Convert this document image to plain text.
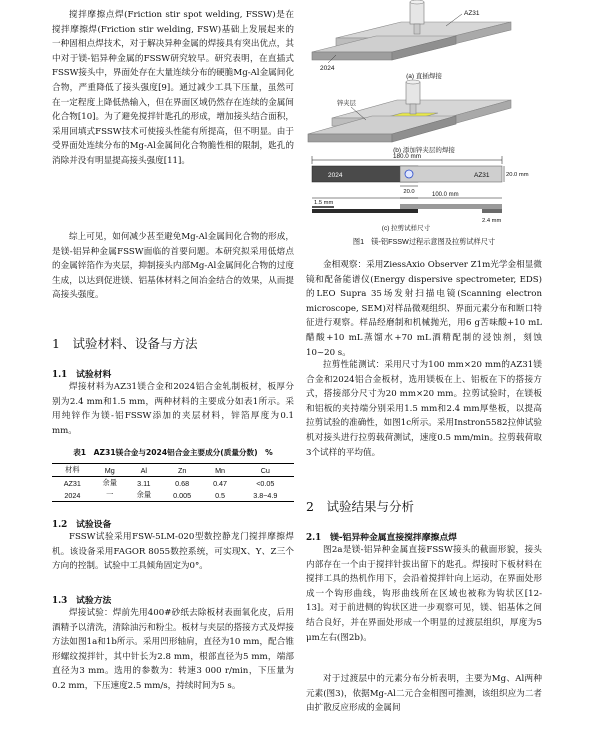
搅拌摩擦点焊(Friction stir spot welding, FSSW)是在搅拌摩擦焊(Friction stir welding, FSW)基础上发展起来的一种固相点焊技术，对于解决异种金属的焊接具有突出优点，其中对于镁-铝异种金属的FSSW研究较早。研究表明，在直插式FSSW接头中，界面处存在大量连续分布的硬脆Mg-Al金属间化合物，严重降低了接头强度[9]。通过减少工具下压量，虽然可在一定程度上降低热输入，但在界面区域仍然存在连续的金属间化合物[10]。为了避免搅拌针匙孔的形成，增加接头结合面积，采用回填式FSSW技术可使接头性能有所提高，但不明显。由于受界面处连续分布的Mg-Al金属间化合物脆性相的限制，匙孔的消除并没有明显提高接头强度[11]。

综上可见，如何减少甚至避免Mg-Al金属间化合物的形成，是镁-铝异种金属FSSW面临的首要问题。本研究拟采用低熔点的金属锌箔作为夹层，抑制接头内部Mg-Al金属间化合物的过度生成，以达到促进镁、铝基体材料之间冶金结合的效果，从而提高接头强度。

1　试验材料、设备与方法
1.1　试验材料

焊接材料为AZ31镁合金和2024铝合金轧制板材，板厚分别为2.4 mm和1.5 mm，两种材料的主要成分如表1所示。采用纯锌作为镁-铝FSSW添加的夹层材料，锌箔厚度为0.1 mm。

表1　AZ31镁合金与2024铝合金主要成分(质量分数)　%
材料	Mg	Al	Zn	Mn	Cu
AZ31	余量	3.11	0.68	0.47	<0.05
2024	一	余量	0.005	0.5	3.8~4.9
1.2　试验设备

FSSW试验采用FSW-5LM-020型数控静龙门搅拌摩擦焊机。该设备采用FAGOR 8055数控系统，可实现X、Y、Z三个方向的控制。试验中工具倾角固定为0°。

1.3　试验方法

焊接试验：焊前先用400#砂纸去除板材表面氧化皮，后用酒精予以清洗，清除油污和粉尘。板材与夹层的搭接方式及焊接方法如图1a和1b所示。采用凹形轴肩，直径为10 mm，配合锥形螺纹搅拌针，其中针长为2.8 mm，根部直径为5 mm，端部直径为3 mm。选用的参数为：转速3 000 r/min，下压量为0.2 mm，下压速度2.5 mm/s，持续时间为5 s。

AZ31
2024
(a) 直插焊接
锌夹层
(b) 添加锌夹层的焊接
180.0 mm
2024	AZ31
20.0
20.0 mm
100.0 mm
1.5 mm
2.4 mm
(c) 拉剪试样尺寸
图1　镁-铝FSSW过程示意图及拉剪试样尺寸

金相观察：采用ZiessAxio Observer Z1m光学金相显微镜和配备能谱仪(Energy dispersive spectrometer, EDS)的LEO Supra 35场发射扫描电镜(Scanning electron microscope, SEM)对样品微观组织、界面元素分布和断口特征进行观察。样品经磨制和机械抛光，用6 g苦味酸+10 mL醋酸+10 mL蒸馏水+70 mL酒精配制的浸蚀剂，刻蚀10~20 s。

拉剪性能测试：采用尺寸为100 mm×20 mm的AZ31镁合金和2024铝合金板材，选用镁板在上、铝板在下的搭接方式，搭接部分尺寸为20 mm×20 mm。拉剪试验时，在镁板和铝板的夹持端分别采用1.5 mm和2.4 mm厚垫板，以提高拉剪试验的准确性，如图1c所示。采用Instron5582拉伸试验机对接头进行拉剪载荷测试，速度0.5 mm/min。拉剪载荷取3个试样的平均值。

2　试验结果与分析
2.1　镁-铝异种金属直接搅拌摩擦点焊

图2a是镁-铝异种金属直接FSSW接头的截面形貌，接头内部存在一个由于搅拌针拔出留下的匙孔。焊接时下板材料在搅拌工具的热机作用下，会沿着搅拌针向上运动，在界面处形成一个钩形曲线，钩形曲线所在区域也被称为钩状区[12-13]。对于前进侧的钩状区进一步观察可见，镁、铝基体之间结合良好，并在界面处形成一个明显的过渡层组织，厚度为5 μm左右(图2b)。

对于过渡层中的元素分布分析表明，主要为Mg、Al两种元素(图3)，依据Mg-Al二元合金相图可推测，该组织应为二者由扩散反应形成的金属间
